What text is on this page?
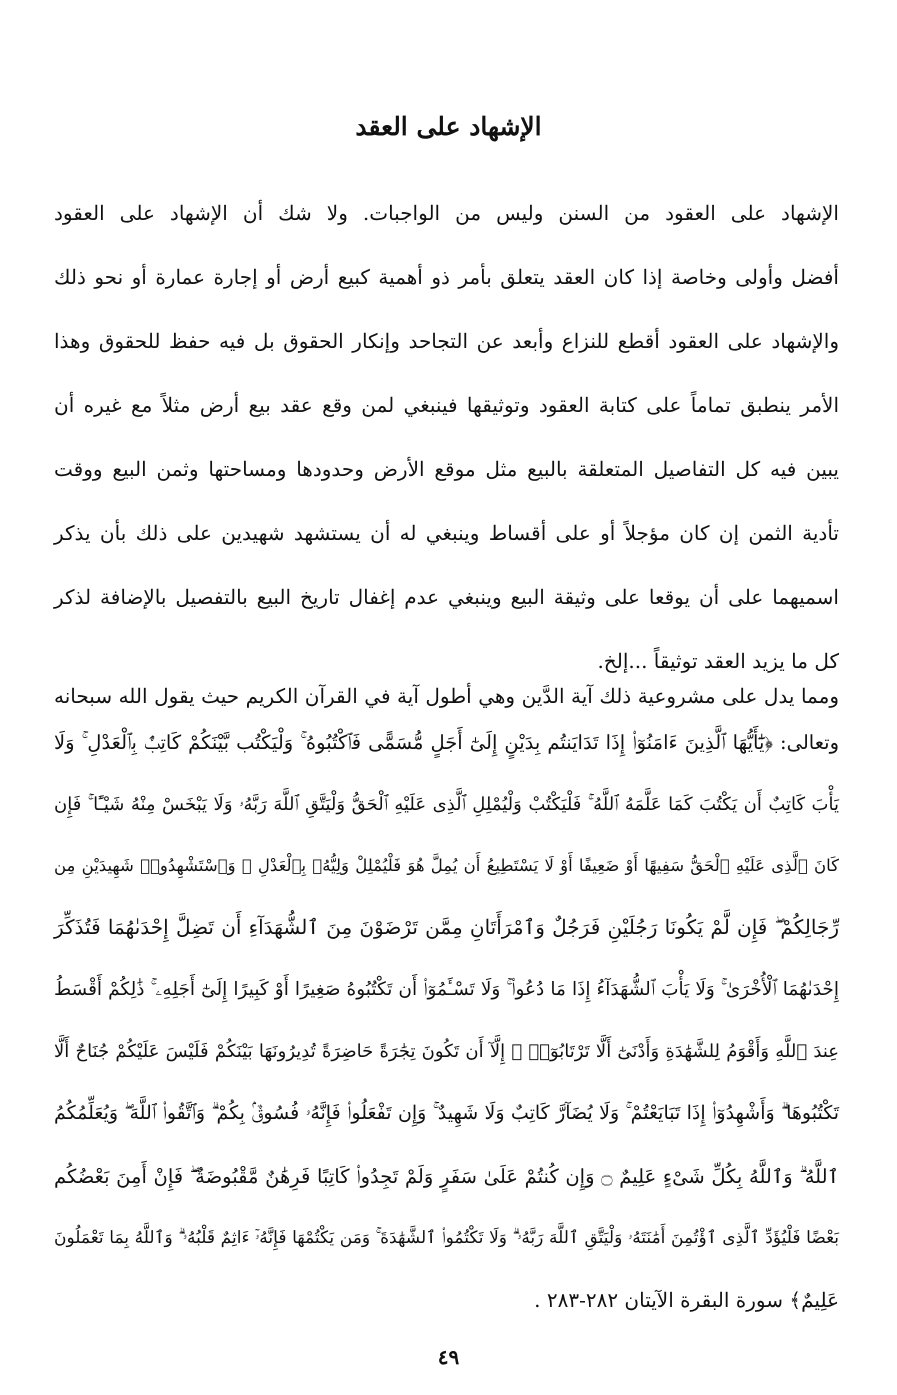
الإشهاد على العقد

الإشهاد على العقود من السنن وليس من الواجبات. ولا شك أن الإشهاد على العقود

أفضل وأولى وخاصة إذا كان العقد يتعلق بأمر ذو أهمية كبيع أرض أو إجارة عمارة أو نحو ذلك

والإشهاد على العقود أقطع للنزاع وأبعد عن التجاحد وإنكار الحقوق بل فيه حفظ للحقوق وهذا

الأمر ينطبق تماماً على كتابة العقود وتوثيقها فينبغي لمن وقع عقد بيع أرض مثلاً مع غيره أن

يبين فيه كل التفاصيل المتعلقة بالبيع مثل موقع الأرض وحدودها ومساحتها وثمن البيع ووقت

تأدية الثمن إن كان مؤجلاً أو على أقساط وينبغي له أن يستشهد شهيدين على ذلك بأن يذكر

اسميهما على أن يوقعا على وثيقة البيع وينبغي عدم إغفال تاريخ البيع بالتفصيل بالإضافة لذكر

كل ما يزيد العقد توثيقاً ...إلخ.

ومما يدل على مشروعية ذلك آية الدَّين وهي أطول آية في القرآن الكريم حيث يقول الله سبحانه

وتعالى: ﴿يَٰٓأَيُّهَا ٱلَّذِينَ ءَامَنُوٓا۟ إِذَا تَدَايَنتُم بِدَيْنٍ إِلَىٰٓ أَجَلٍ مُّسَمًّى فَٱكْتُبُوهُ ۚ وَلْيَكْتُب بَّيْنَكُمْ كَاتِبٌۢ بِٱلْعَدْلِ ۚ وَلَا

يَأْبَ كَاتِبٌ أَن يَكْتُبَ كَمَا عَلَّمَهُ ٱللَّهُ ۚ فَلْيَكْتُبْ وَلْيُمْلِلِ ٱلَّذِى عَلَيْهِ ٱلْحَقُّ وَلْيَتَّقِ ٱللَّهَ رَبَّهُۥ وَلَا يَبْخَسْ مِنْهُ شَيْـًٔا ۚ فَإِن

كَانَ ٱلَّذِى عَلَيْهِ ٱلْحَقُّ سَفِيهًا أَوْ ضَعِيفًا أَوْ لَا يَسْتَطِيعُ أَن يُمِلَّ هُوَ فَلْيُمْلِلْ وَلِيُّهُۥ بِٱلْعَدْلِ ۚ وَٱسْتَشْهِدُوا۟ شَهِيدَيْنِ مِن

رِّجَالِكُمْ ۖ فَإِن لَّمْ يَكُونَا رَجُلَيْنِ فَرَجُلٌ وَٱمْرَأَتَانِ مِمَّن تَرْضَوْنَ مِنَ ٱلشُّهَدَآءِ أَن تَضِلَّ إِحْدَىٰهُمَا فَتُذَكِّرَ

إِحْدَىٰهُمَا ٱلْأُخْرَىٰ ۚ وَلَا يَأْبَ ٱلشُّهَدَآءُ إِذَا مَا دُعُوا۟ ۚ وَلَا تَسْـَٔمُوٓا۟ أَن تَكْتُبُوهُ صَغِيرًا أَوْ كَبِيرًا إِلَىٰٓ أَجَلِهِۦ ۚ ذَٰلِكُمْ أَقْسَطُ

عِندَ ٱللَّهِ وَأَقْوَمُ لِلشَّهَٰدَةِ وَأَدْنَىٰٓ أَلَّا تَرْتَابُوٓا۟ ۖ إِلَّآ أَن تَكُونَ تِجَٰرَةً حَاضِرَةً تُدِيرُونَهَا بَيْنَكُمْ فَلَيْسَ عَلَيْكُمْ جُنَاحٌ أَلَّا

تَكْتُبُوهَا ۗ وَأَشْهِدُوٓا۟ إِذَا تَبَايَعْتُمْ ۚ وَلَا يُضَآرَّ كَاتِبٌ وَلَا شَهِيدٌ ۚ وَإِن تَفْعَلُوا۟ فَإِنَّهُۥ فُسُوقٌۢ بِكُمْ ۗ وَٱتَّقُوا۟ ٱللَّهَ ۖ وَيُعَلِّمُكُمُ

ٱللَّهُ ۗ وَٱللَّهُ بِكُلِّ شَىْءٍ عَلِيمٌ ۝ وَإِن كُنتُمْ عَلَىٰ سَفَرٍ وَلَمْ تَجِدُوا۟ كَاتِبًا فَرِهَٰنٌ مَّقْبُوضَةٌ ۖ فَإِنْ أَمِنَ بَعْضُكُم

بَعْضًا فَلْيُؤَدِّ ٱلَّذِى ٱؤْتُمِنَ أَمَٰنَتَهُۥ وَلْيَتَّقِ ٱللَّهَ رَبَّهُۥ ۗ وَلَا تَكْتُمُوا۟ ٱلشَّهَٰدَةَ ۚ وَمَن يَكْتُمْهَا فَإِنَّهُۥٓ ءَاثِمٌ قَلْبُهُۥ ۗ وَٱللَّهُ بِمَا تَعْمَلُونَ

عَلِيمٌ﴾ سورة البقرة الآيتان ٢٨٢-٢٨٣ .

٤٩
